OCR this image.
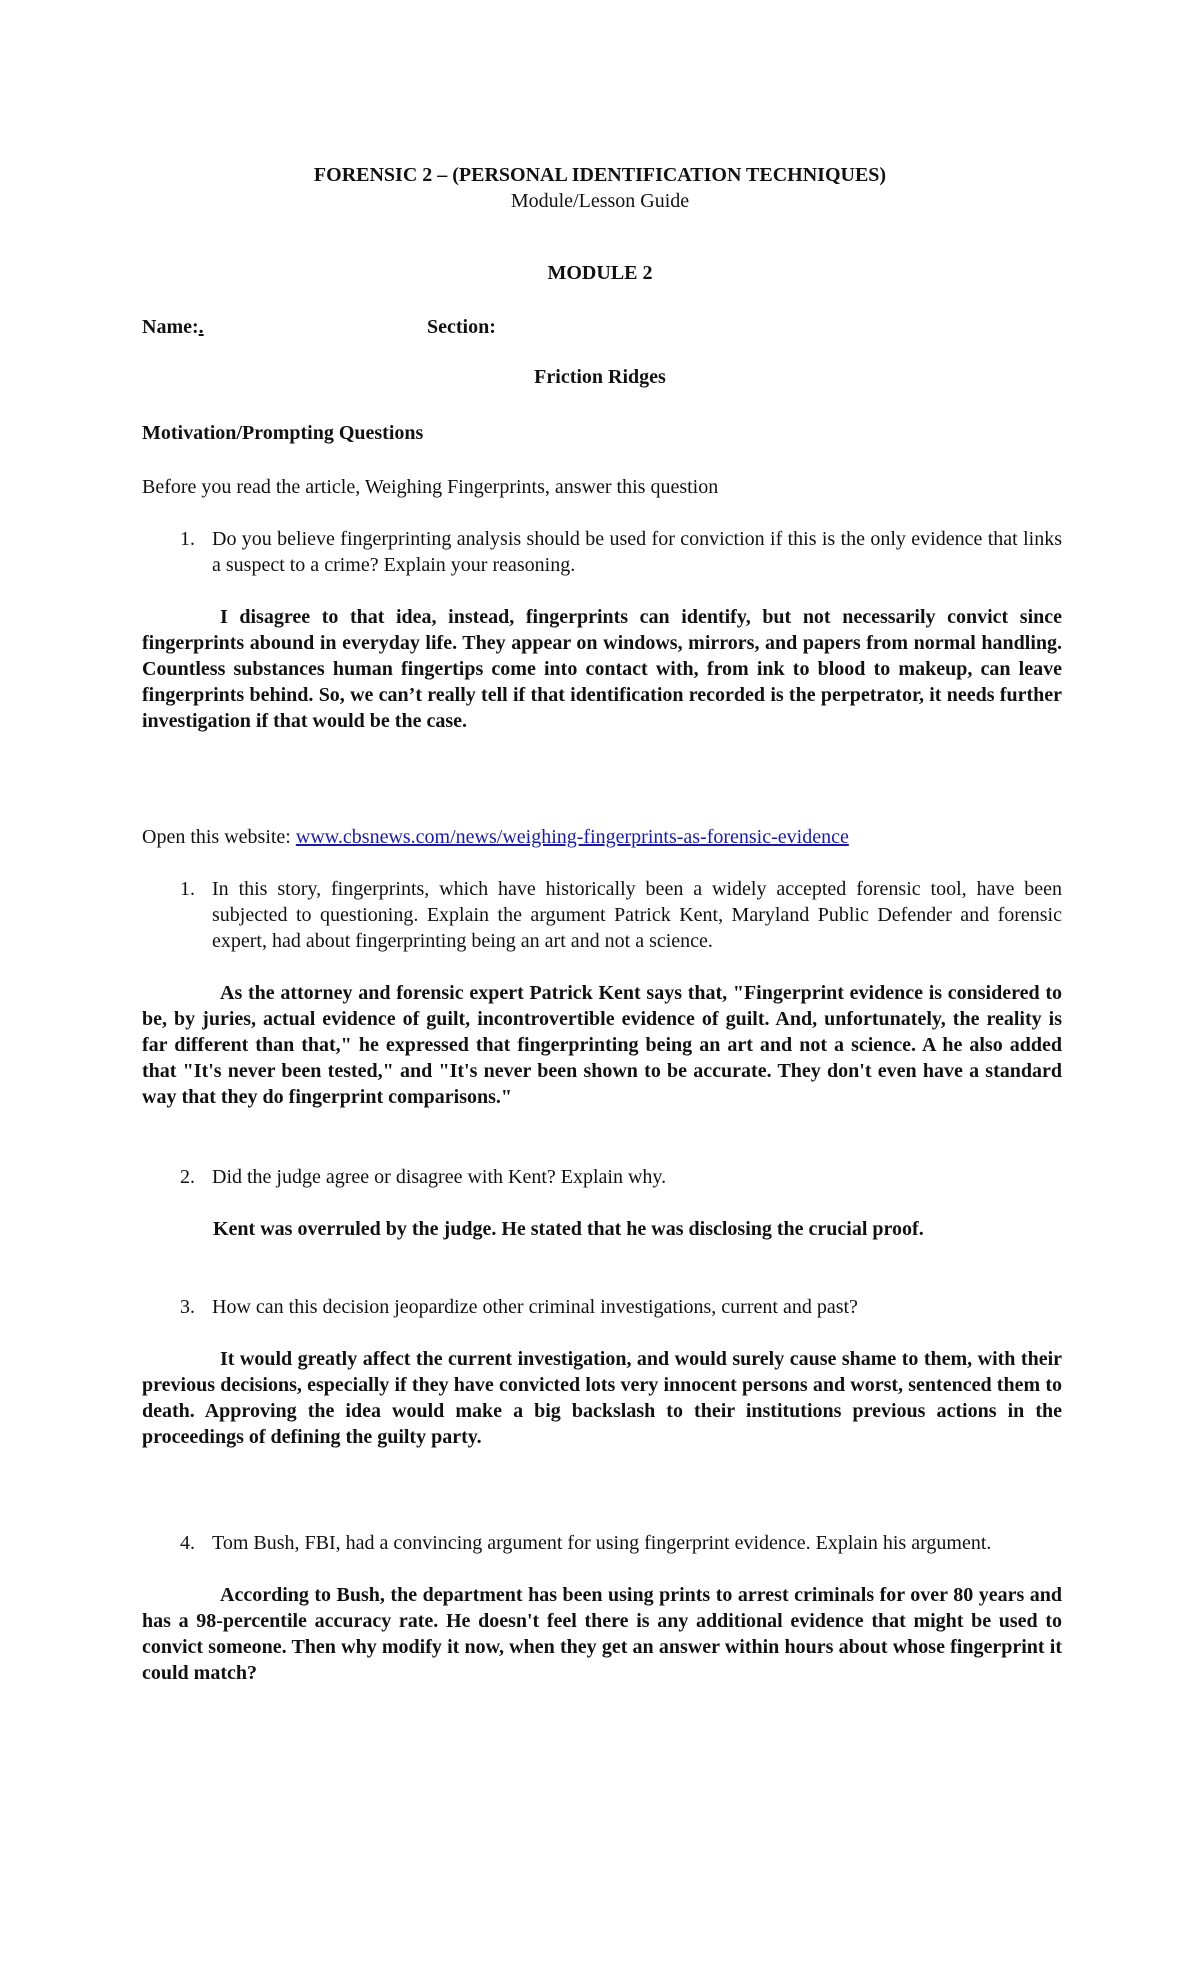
FORENSIC 2 – (PERSONAL IDENTIFICATION TECHNIQUES)
Module/Lesson Guide
MODULE 2
Name:.	Section:
Friction Ridges
Motivation/Prompting Questions
Before you read the article, Weighing Fingerprints, answer this question
1. Do you believe fingerprinting analysis should be used for conviction if this is the only evidence that links a suspect to a crime? Explain your reasoning.
I disagree to that idea, instead, fingerprints can identify, but not necessarily convict since fingerprints abound in everyday life. They appear on windows, mirrors, and papers from normal handling. Countless substances human fingertips come into contact with, from ink to blood to makeup, can leave fingerprints behind. So, we can’t really tell if that identification recorded is the perpetrator, it needs further investigation if that would be the case.
Open this website: www.cbsnews.com/news/weighing-fingerprints-as-forensic-evidence
1. In this story, fingerprints, which have historically been a widely accepted forensic tool, have been subjected to questioning. Explain the argument Patrick Kent, Maryland Public Defender and forensic expert, had about fingerprinting being an art and not a science.
As the attorney and forensic expert Patrick Kent says that, "Fingerprint evidence is considered to be, by juries, actual evidence of guilt, incontrovertible evidence of guilt. And, unfortunately, the reality is far different than that," he expressed that fingerprinting being an art and not a science. A he also added that "It's never been tested," and "It's never been shown to be accurate. They don't even have a standard way that they do fingerprint comparisons."
2. Did the judge agree or disagree with Kent? Explain why.
Kent was overruled by the judge. He stated that he was disclosing the crucial proof.
3. How can this decision jeopardize other criminal investigations, current and past?
It would greatly affect the current investigation, and would surely cause shame to them, with their previous decisions, especially if they have convicted lots very innocent persons and worst, sentenced them to death. Approving the idea would make a big backslash to their institutions previous actions in the proceedings of defining the guilty party.
4. Tom Bush, FBI, had a convincing argument for using fingerprint evidence. Explain his argument.
According to Bush, the department has been using prints to arrest criminals for over 80 years and has a 98-percentile accuracy rate. He doesn't feel there is any additional evidence that might be used to convict someone. Then why modify it now, when they get an answer within hours about whose fingerprint it could match?
